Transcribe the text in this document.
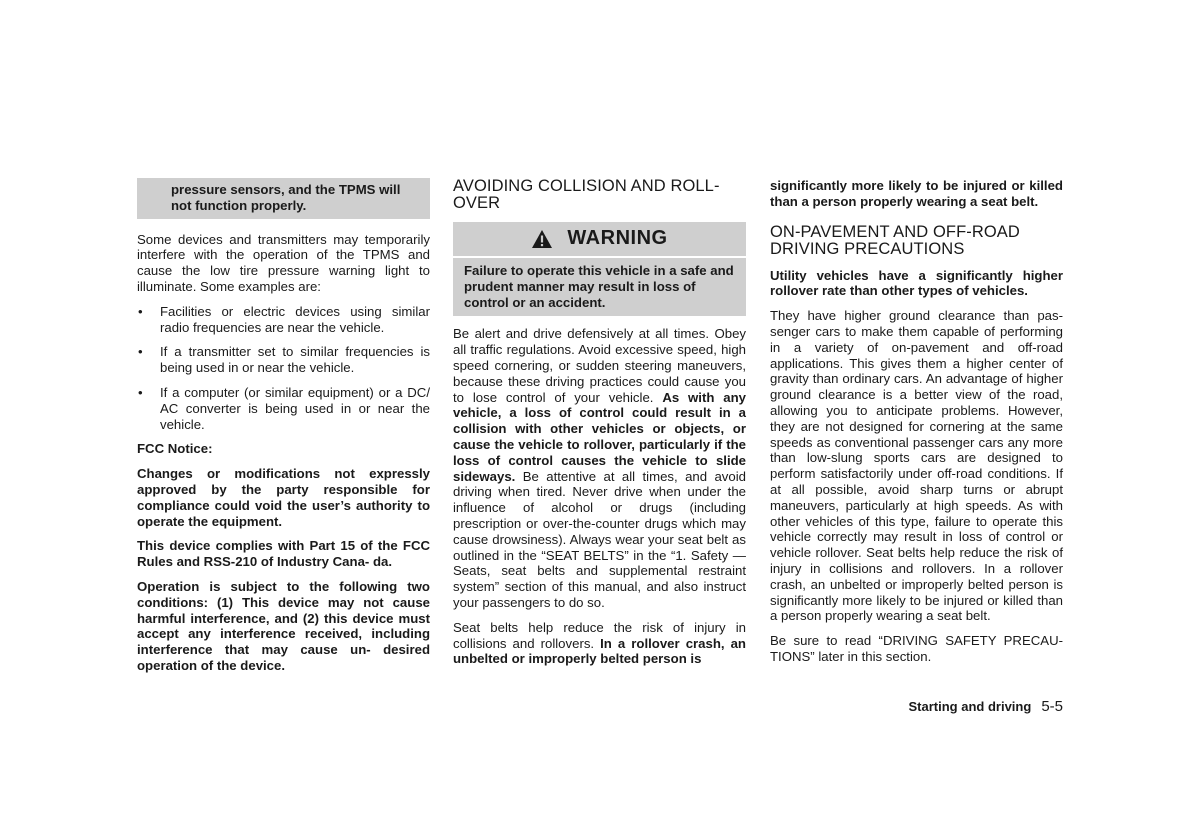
pressure sensors, and the TPMS will not function properly.

Some devices and transmitters may temporarily interfere with the operation of the TPMS and cause the low tire pressure warning light to illuminate. Some examples are:

• Facilities or electric devices using similar radio frequencies are near the vehicle.
• If a transmitter set to similar frequencies is being used in or near the vehicle.
• If a computer (or similar equipment) or a DC/ AC converter is being used in or near the vehicle.

FCC Notice:

Changes or modifications not expressly approved by the party responsible for compliance could void the user’s authority to operate the equipment.

This device complies with Part 15 of the FCC Rules and RSS-210 of Industry Cana- da.

Operation is subject to the following two conditions: (1) This device may not cause harmful interference, and (2) this device must accept any interference received, including interference that may cause un- desired operation of the device.

AVOIDING COLLISION AND ROLL- OVER
WARNING
Failure to operate this vehicle in a safe and prudent manner may result in loss of control or an accident.

Be alert and drive defensively at all times. Obey all traffic regulations. Avoid excessive speed, high speed cornering, or sudden steering maneuvers, because these driving practices could cause you to lose control of your vehicle. As with any vehicle, a loss of control could result in a collision with other vehicles or objects, or cause the vehicle to rollover, particularly if the loss of control causes the vehicle to slide sideways. Be attentive at all times, and avoid driving when tired. Never drive when under the influence of alcohol or drugs (including prescription or over-the-counter drugs which may cause drowsiness). Always wear your seat belt as outlined in the “SEAT BELTS” in the “1. Safety — Seats, seat belts and supplemental restraint system” section of this manual, and also instruct your passengers to do so.

Seat belts help reduce the risk of injury in collisions and rollovers. In a rollover crash, an unbelted or improperly belted person is

significantly more likely to be injured or killed than a person properly wearing a seat belt.

ON-PAVEMENT AND OFF-ROAD DRIVING PRECAUTIONS

Utility vehicles have a significantly higher rollover rate than other types of vehicles.

They have higher ground clearance than pas- senger cars to make them capable of performing in a variety of on-pavement and off-road applications. This gives them a higher center of gravity than ordinary cars. An advantage of higher ground clearance is a better view of the road, allowing you to anticipate problems. However, they are not designed for cornering at the same speeds as conventional passenger cars any more than low-slung sports cars are designed to perform satisfactorily under off-road conditions. If at all possible, avoid sharp turns or abrupt maneuvers, particularly at high speeds. As with other vehicles of this type, failure to operate this vehicle correctly may result in loss of control or vehicle rollover. Seat belts help reduce the risk of injury in collisions and rollovers. In a rollover crash, an unbelted or improperly belted person is significantly more likely to be injured or killed than a person properly wearing a seat belt.

Be sure to read “DRIVING SAFETY PRECAU- TIONS” later in this section.

Starting and driving 5-5
